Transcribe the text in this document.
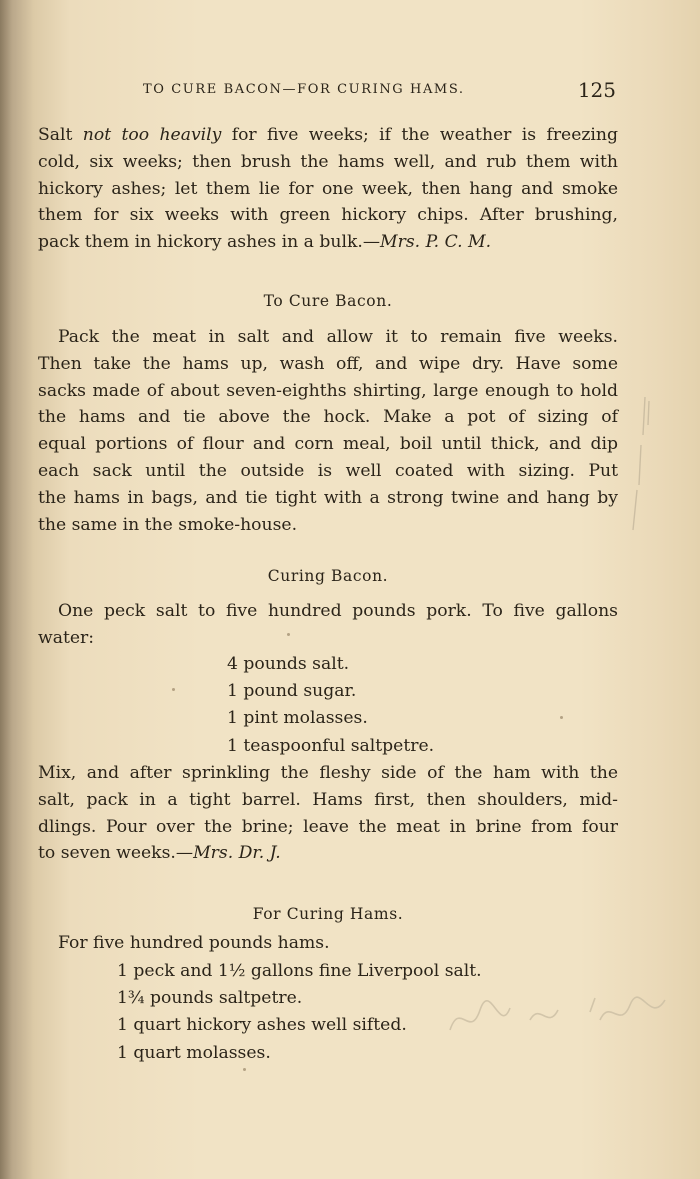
TO CURE BACON—FOR CURING HAMS.	125
Salt not too heavily for five weeks; if the weather is freezing
cold, six weeks; then brush the hams well, and rub them with
hickory ashes; let them lie for one week, then hang and smoke
them for six weeks with green hickory chips. After brushing,
pack them in hickory ashes in a bulk.—Mrs. P. C. M.
To Cure Bacon.
Pack the meat in salt and allow it to remain five weeks.
Then take the hams up, wash off, and wipe dry. Have some
sacks made of about seven-eighths shirting, large enough to hold
the hams and tie above the hock. Make a pot of sizing of
equal portions of flour and corn meal, boil until thick, and dip
each sack until the outside is well coated with sizing. Put
the hams in bags, and tie tight with a strong twine and hang by
the same in the smoke-house.
Curing Bacon.
One peck salt to five hundred pounds pork. To five gallons
water:
4 pounds salt.
1 pound sugar.
1 pint molasses.
1 teaspoonful saltpetre.
Mix, and after sprinkling the fleshy side of the ham with the
salt, pack in a tight barrel. Hams first, then shoulders, mid-
dlings. Pour over the brine; leave the meat in brine from four
to seven weeks.—Mrs. Dr. J.
For Curing Hams.
For five hundred pounds hams.
1 peck and 1½ gallons fine Liverpool salt.
1¾ pounds saltpetre.
1 quart hickory ashes well sifted.
1 quart molasses.
